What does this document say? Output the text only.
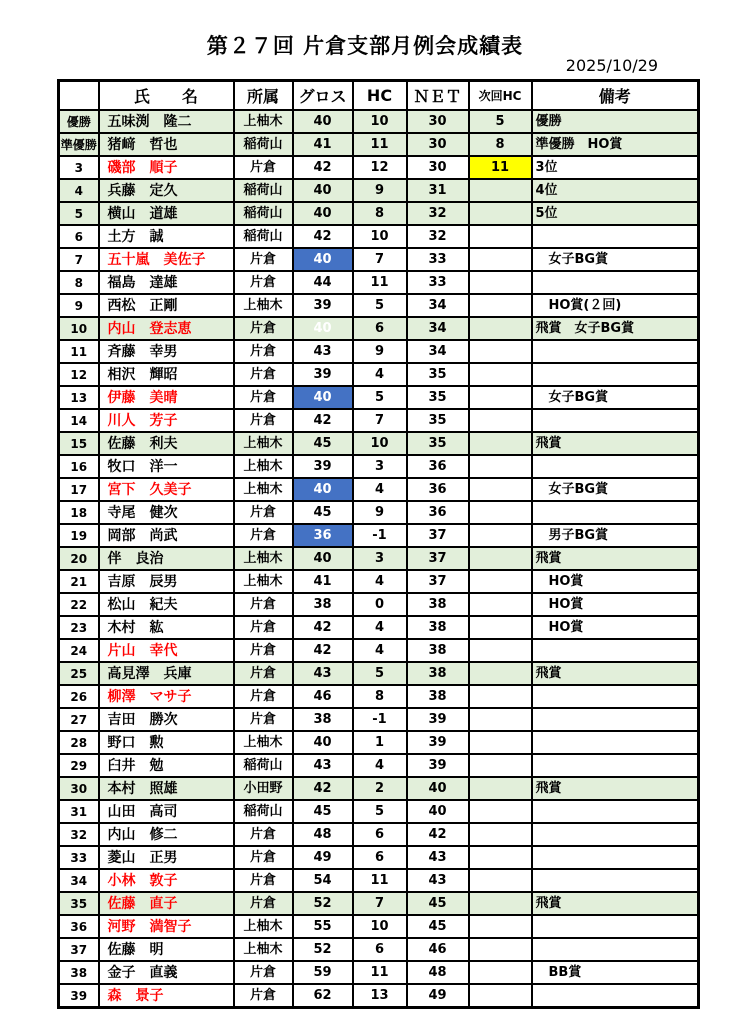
第２７回 片倉支部月例会成績表
2025/10/29
	氏　　名	所属	グロス	HC	ＮＥＴ	次回HC	備考
優勝	五味渕　隆二	上柚木	40	10	30	5	優勝
準優勝	猪﨑　哲也	稲荷山	41	11	30	8	準優勝　HO賞
3	磯部　順子	片倉	42	12	30	11	3位
4	兵藤　定久	稲荷山	40	9	31		4位
5	横山　道雄	稲荷山	40	8	32		5位
6	土方　誠	稲荷山	42	10	32		
7	五十嵐　美佐子	片倉	40	7	33		　女子BG賞
8	福島　達雄	片倉	44	11	33		
9	西松　正剛	上柚木	39	5	34		　HO賞(２回)
10	内山　登志恵	片倉	40	6	34		飛賞　女子BG賞
11	斉藤　幸男	片倉	43	9	34		
12	相沢　輝昭	片倉	39	4	35		
13	伊藤　美晴	片倉	40	5	35		　女子BG賞
14	川人　芳子	片倉	42	7	35		
15	佐藤　利夫	上柚木	45	10	35		飛賞
16	牧口　洋一	上柚木	39	3	36		
17	宮下　久美子	上柚木	40	4	36		　女子BG賞
18	寺尾　健次	片倉	45	9	36		
19	岡部　尚武	片倉	36	-1	37		　男子BG賞
20	伴　良治	上柚木	40	3	37		飛賞
21	吉原　辰男	上柚木	41	4	37		　HO賞
22	松山　紀夫	片倉	38	0	38		　HO賞
23	木村　紘	片倉	42	4	38		　HO賞
24	片山　幸代	片倉	42	4	38		
25	高見澤　兵庫	片倉	43	5	38		飛賞
26	柳澤　マサ子	片倉	46	8	38		
27	吉田　勝次	片倉	38	-1	39		
28	野口　勲	上柚木	40	1	39		
29	臼井　勉	稲荷山	43	4	39		
30	本村　照雄	小田野	42	2	40		飛賞
31	山田　高司	稲荷山	45	5	40		
32	内山　修二	片倉	48	6	42		
33	菱山　正男	片倉	49	6	43		
34	小林　敦子	片倉	54	11	43		
35	佐藤　直子	片倉	52	7	45		飛賞
36	河野　満智子	上柚木	55	10	45		
37	佐藤　明	上柚木	52	6	46		
38	金子　直義	片倉	59	11	48		　BB賞
39	森　景子	片倉	62	13	49		
